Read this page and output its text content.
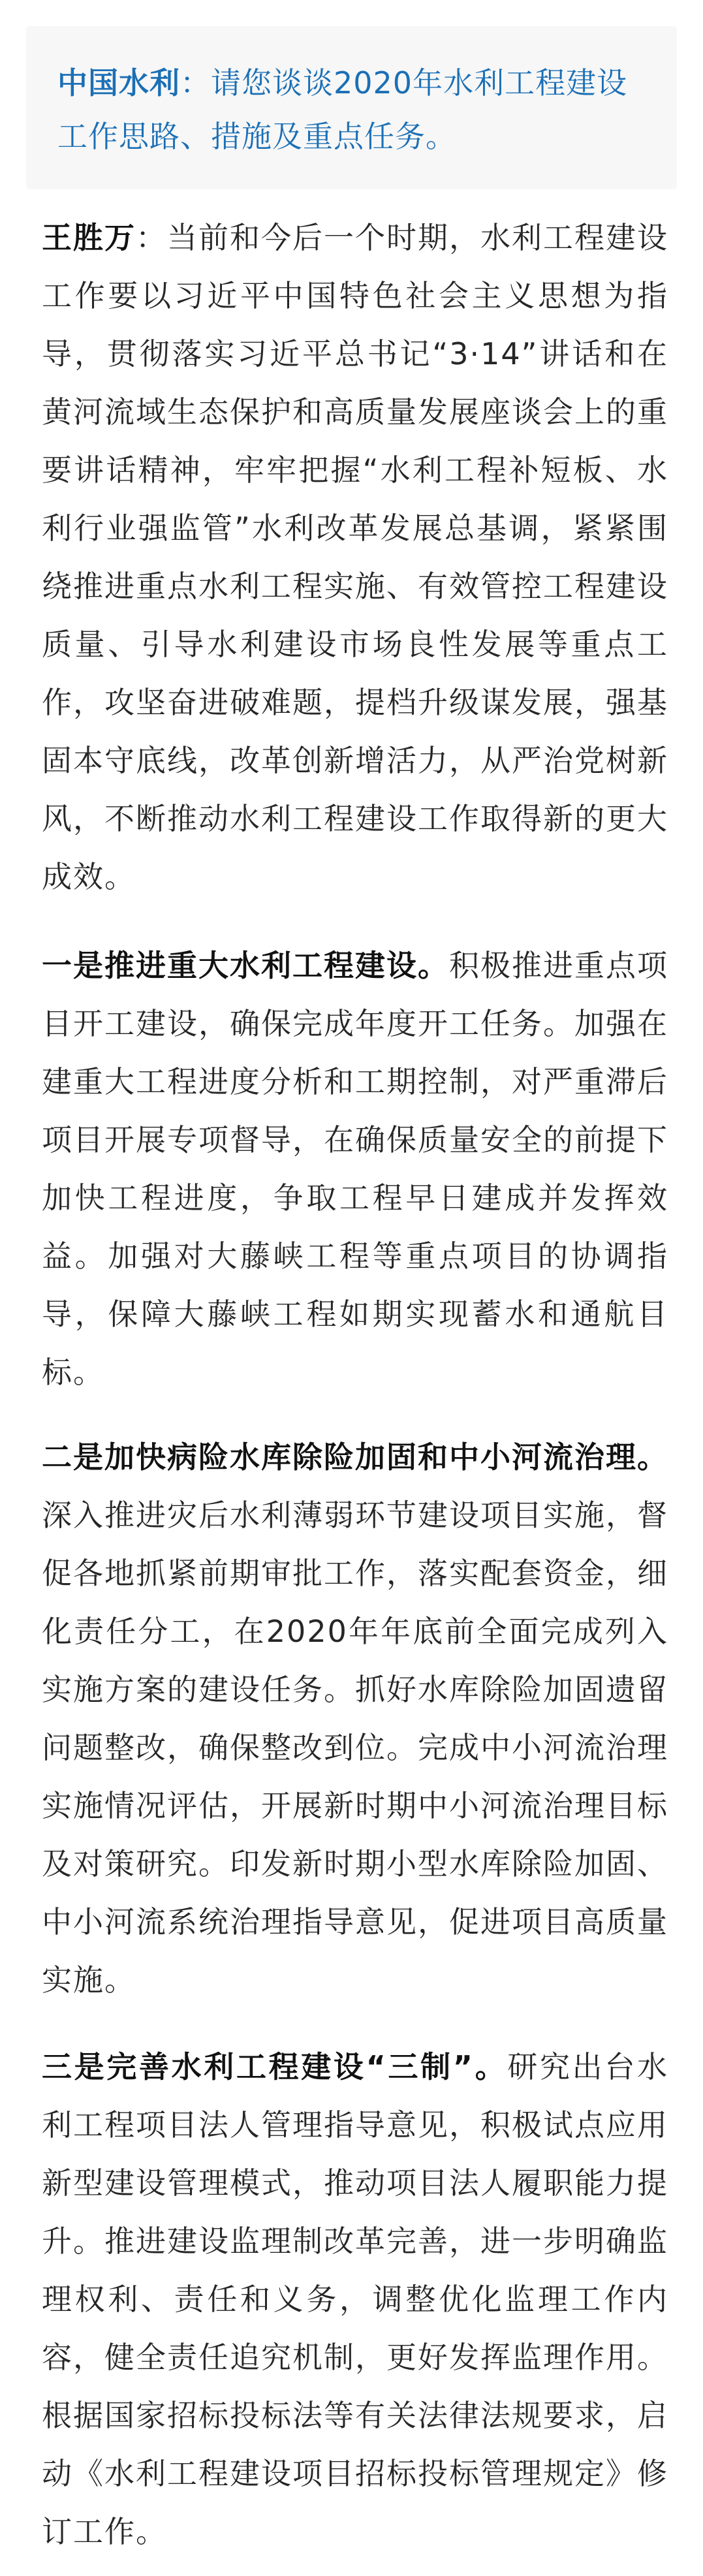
中国水利：请您谈谈2020年水利工程建设工作思路、措施及重点任务。

王胜万：当前和今后一个时期，水利工程建设工作要以习近平中国特色社会主义思想为指导，贯彻落实习近平总书记“3·14”讲话和在黄河流域生态保护和高质量发展座谈会上的重要讲话精神，牢牢把握“水利工程补短板、水利行业强监管”水利改革发展总基调，紧紧围绕推进重点水利工程实施、有效管控工程建设质量、引导水利建设市场良性发展等重点工作，攻坚奋进破难题，提档升级谋发展，强基固本守底线，改革创新增活力，从严治党树新风，不断推动水利工程建设工作取得新的更大成效。

一是推进重大水利工程建设。积极推进重点项目开工建设，确保完成年度开工任务。加强在建重大工程进度分析和工期控制，对严重滞后项目开展专项督导，在确保质量安全的前提下加快工程进度，争取工程早日建成并发挥效益。加强对大藤峡工程等重点项目的协调指导，保障大藤峡工程如期实现蓄水和通航目标。

二是加快病险水库除险加固和中小河流治理。深入推进灾后水利薄弱环节建设项目实施，督促各地抓紧前期审批工作，落实配套资金，细化责任分工，在2020年年底前全面完成列入实施方案的建设任务。抓好水库除险加固遗留问题整改，确保整改到位。完成中小河流治理实施情况评估，开展新时期中小河流治理目标及对策研究。印发新时期小型水库除险加固、中小河流系统治理指导意见，促进项目高质量实施。

三是完善水利工程建设“三制”。研究出台水利工程项目法人管理指导意见，积极试点应用新型建设管理模式，推动项目法人履职能力提升。推进建设监理制改革完善，进一步明确监理权利、责任和义务，调整优化监理工作内容，健全责任追究机制，更好发挥监理作用。根据国家招标投标法等有关法律法规要求，启动《水利工程建设项目招标投标管理规定》修订工作。
